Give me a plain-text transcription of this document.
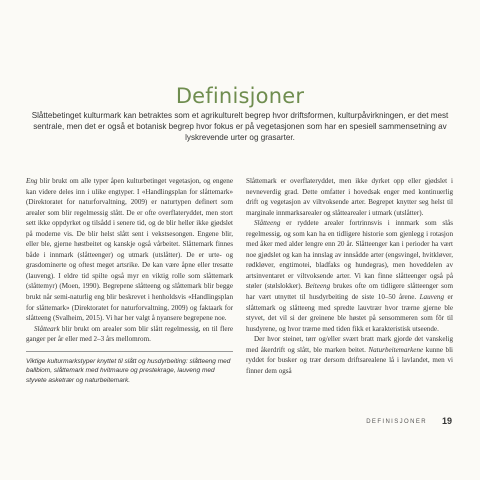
Definisjoner

Slåttebetinget kulturmark kan betraktes som et agrikulturelt begrep hvor driftsformen, kulturpåvirkningen, er det mest sentrale, men det er også et botanisk begrep hvor fokus er på vegetasjonen som har en spesiell sammensetning av lyskrevende urter og grasarter.

Eng blir brukt om alle typer åpen kulturbetinget vegetasjon, og engene kan videre deles inn i ulike engtyper. I «Handlingsplan for slåttemark» (Direktoratet for naturforvaltning, 2009) er naturtypen definert som arealer som blir regelmessig slått. De er ofte overflateryddet, men stort sett ikke oppdyrket og tilsådd i senere tid, og de blir heller ikke gjødslet på moderne vis. De blir helst slått sent i vekstsesongen. Engene blir, eller ble, gjerne høstbeitet og kanskje også vårbeitet. Slåttemark finnes både i innmark (slåtteenger) og utmark (utslåtter). De er urte- og grasdominerte og oftest meget artsrike. De kan være åpne eller tresatte (lauveng). I eldre tid spilte også myr en viktig rolle som slåttemark (slåttemyr) (Moen, 1990). Begrepene slåtteeng og slåttemark blir begge brukt når semi-naturlig eng blir beskrevet i henholdsvis «Handlingsplan for slåttemark» (Direktoratet for naturforvaltning, 2009) og faktaark for slåtteeng (Svalheim, 2015). Vi har her valgt å nyansere begrepene noe.

Slåtteark blir brukt om arealer som blir slått regelmessig, en til flere ganger per år eller med 2–3 års mellomrom.

Viktige kulturmarkstyper knyttet til slått og husdyrbeiting: slåtteeng med ballbiom, slåttemark med hvitmaure og prestekrage, lauveng med styvete asketrær og naturbeitemark.

Slåttemark er overflateryddet, men ikke dyrket opp eller gjødslet i nevneverdig grad. Dette omfatter i hovedsak enger med kontinuerlig drift og vegetasjon av viltvoksende arter. Begrepet knytter seg helst til marginale innmarksarealer og slåttearealer i utmark (utslåtter).

Slåtteeng er ryddete arealer fortrinnsvis i innmark som slås regelmessig, og som kan ha en tidligere historie som gjenlegg i rotasjon med åker med alder lengre enn 20 år. Slåtteenger kan i perioder ha vært noe gjødslet og kan ha innslag av innsådde arter (engsvingel, hvitkløver, rødkløver, engtimotei, bladfaks og hundegras), men hoveddelen av artsinventaret er viltvoksende arter. Vi kan finne slåtteenger også på støler (stølslokker). Beiteeng brukes ofte om tidligere slåtteenger som har vært utnyttet til husdyrbeiting de siste 10–50 årene. Lauveng er slåttemark og slåtteeng med spredte lauvtrær hvor trærne gjerne ble styvet, det vil si der greinene ble høstet på sensommeren som fôr til husdyrene, og hvor trærne med tiden fikk et karakteristisk utseende.

Der hvor steinet, tørr og/eller svært bratt mark gjorde det vanskelig med åkerdrift og slått, ble marken beitet. Naturbeitemarkene kunne bli ryddet for busker og trær dersom driftsarealene lå i lavlandet, men vi finner dem også

DEFINISJONER 19
